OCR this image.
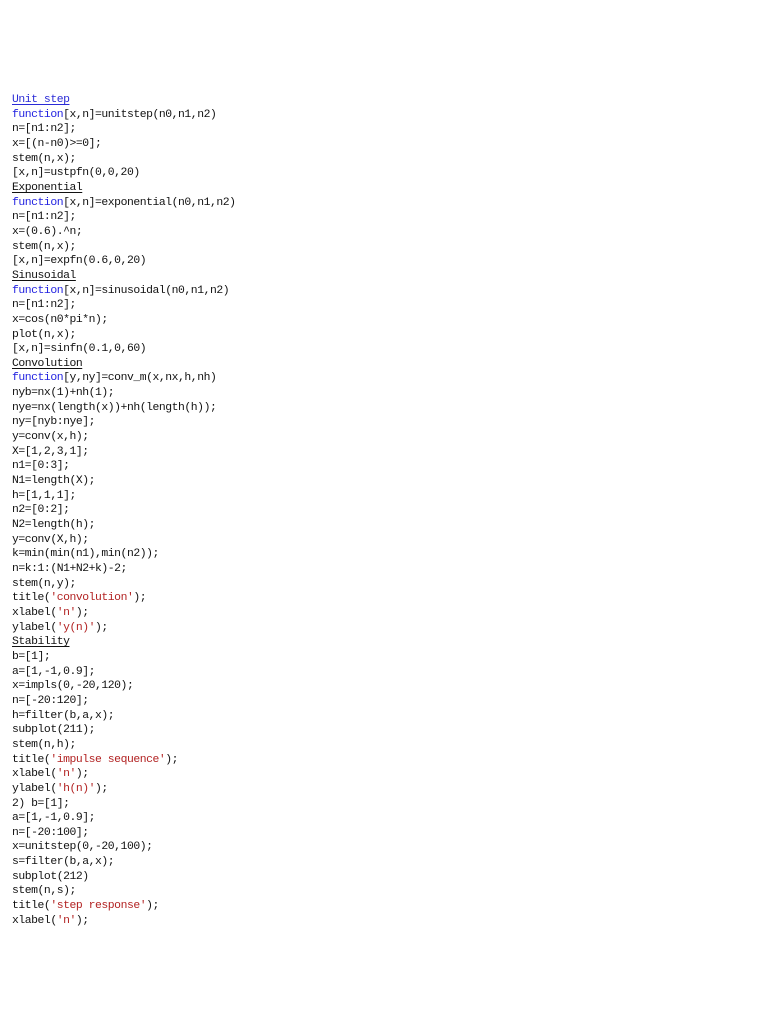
Unit step
function[x,n]=unitstep(n0,n1,n2)
n=[n1:n2];
x=[(n-n0)>=0];
stem(n,x);
[x,n]=ustpfn(0,0,20)
Exponential
function[x,n]=exponential(n0,n1,n2)
n=[n1:n2];
x=(0.6).^n;
stem(n,x);
[x,n]=expfn(0.6,0,20)
Sinusoidal
function[x,n]=sinusoidal(n0,n1,n2)
n=[n1:n2];
x=cos(n0*pi*n);
plot(n,x);
[x,n]=sinfn(0.1,0,60)
Convolution
function[y,ny]=conv_m(x,nx,h,nh)
nyb=nx(1)+nh(1);
nye=nx(length(x))+nh(length(h));
ny=[nyb:nye];
y=conv(x,h);
X=[1,2,3,1];
n1=[0:3];
N1=length(X);
h=[1,1,1];
n2=[0:2];
N2=length(h);
y=conv(X,h);
k=min(min(n1),min(n2));
n=k:1:(N1+N2+k)-2;
stem(n,y);
title('convolution');
xlabel('n');
ylabel('y(n)');
Stability
b=[1];
a=[1,-1,0.9];
x=impls(0,-20,120);
n=[-20:120];
h=filter(b,a,x);
subplot(211);
stem(n,h);
title('impulse sequence');
xlabel('n');
ylabel('h(n)');
2) b=[1];
a=[1,-1,0.9];
n=[-20:100];
x=unitstep(0,-20,100);
s=filter(b,a,x);
subplot(212)
stem(n,s);
title('step response');
xlabel('n');
